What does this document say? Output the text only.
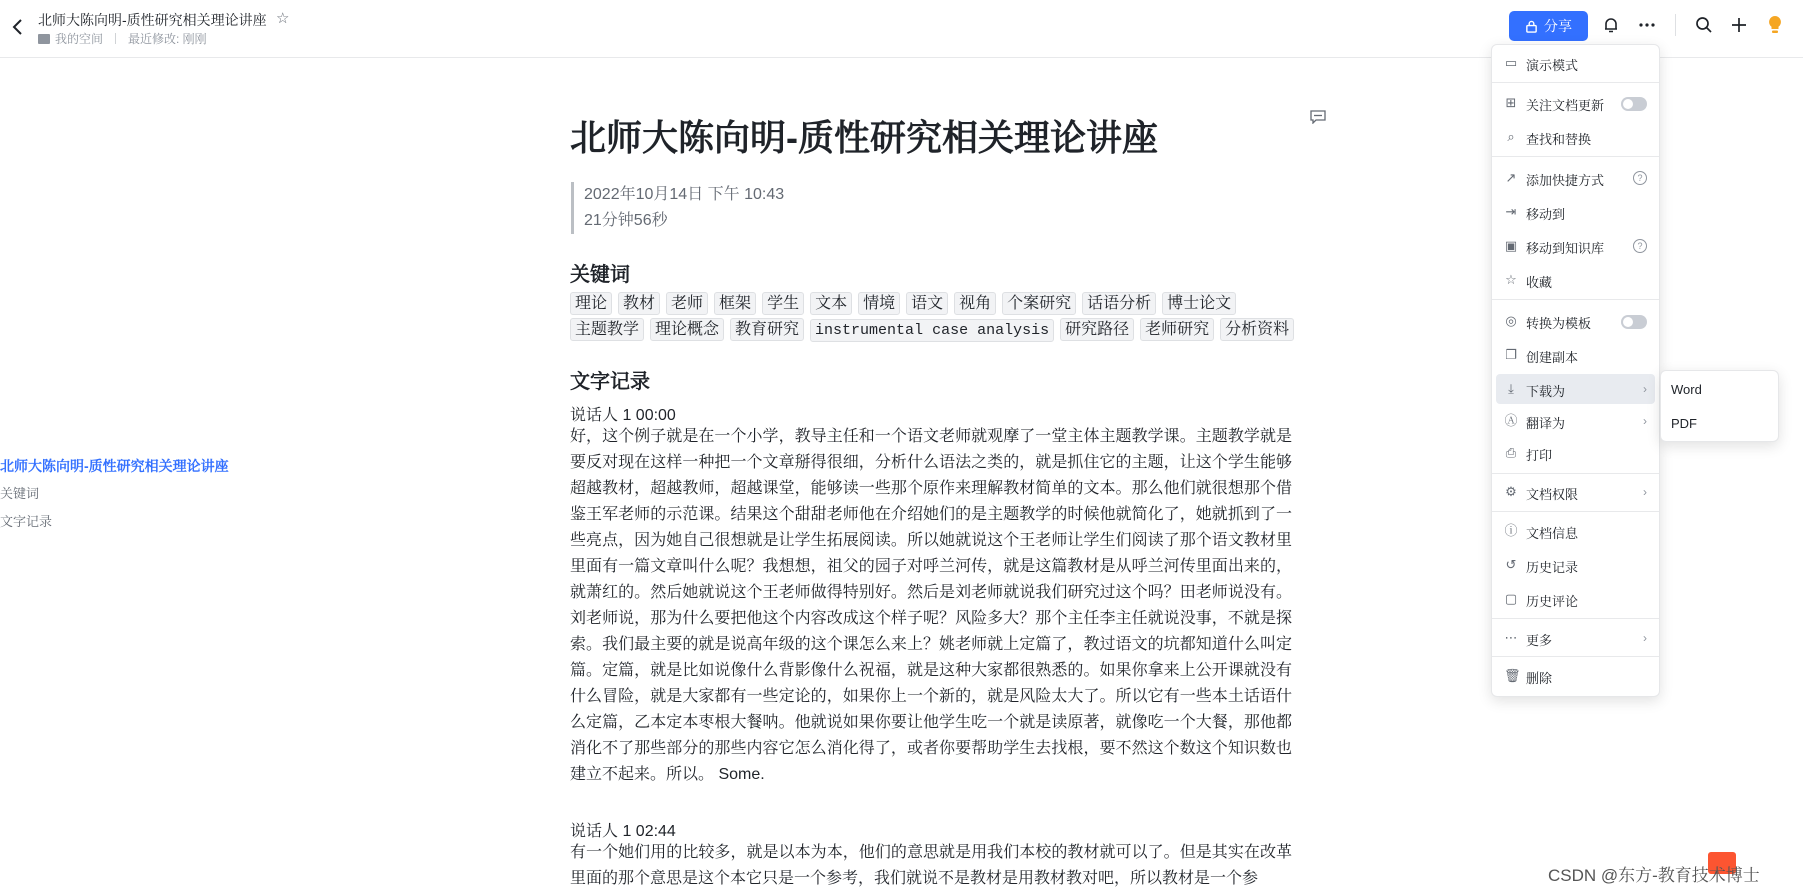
北师大陈向明-质性研究相关理论讲座 ☆
我的空间 最近修改: 刚刚
分享
北师大陈向明-质性研究相关理论讲座
2022年10月14日 下午 10:43
21分钟56秒
关键词
理论 教材 老师 框架 学生 文本 情境 语文 视角 个案研究 话语分析 博士论文主题教学 理论概念 教育研究 instrumental case analysis 研究路径 老师研究 分析资料
文字记录
说话人 1 00:00
好，这个例子就是在一个小学，教导主任和一个语文老师就观摩了一堂主体主题教学课。主题教学就是要反对现在这样一种把一个文章掰得很细，分析什么语法之类的，就是抓住它的主题，让这个学生能够超越教材，超越教师，超越课堂，能够读一些那个原作来理解教材简单的文本。那么他们就很想那个借鉴王军老师的示范课。结果这个甜甜老师他在介绍她们的是主题教学的时候他就简化了，她就抓到了一些亮点，因为她自己很想就是让学生拓展阅读。所以她就说这个王老师让学生们阅读了那个语文教材里里面有一篇文章叫什么呢？我想想，祖父的园子对呼兰河传，就是这篇教材是从呼兰河传里面出来的，就萧红的。然后她就说这个王老师做得特别好。然后是刘老师就说我们研究过这个吗？田老师说没有。刘老师说，那为什么要把他这个内容改成这个样子呢？风险多大？那个主任李主任就说没事，不就是探索。我们最主要的就是说高年级的这个课怎么来上？姚老师就上定篇了，教过语文的坑都知道什么叫定篇。定篇，就是比如说像什么背影像什么祝福，就是这种大家都很熟悉的。如果你拿来上公开课就没有什么冒险，就是大家都有一些定论的，如果你上一个新的，就是风险太大了。所以它有一些本土话语什么定篇，乙本定本枣根大餐呐。他就说如果你要让他学生吃一个就是读原著，就像吃一个大餐，那他都消化不了那些部分的那些内容它怎么消化得了，或者你要帮助学生去找根，要不然这个数这个知识数也建立不起来。所以。 Some.
说话人 1 02:44
有一个她们用的比较多，就是以本为本，他们的意思就是用我们本校的教材就可以了。但是其实在改革里面的那个意思是这个本它只是一个参考，我们就说不是教材是用教材教对吧，所以教材是一个参
北师大陈向明-质性研究相关理论讲座
关键词
文字记录
▭ 演示模式
⊞ 关注文档更新
⌕ 查找和替换
↗ 添加快捷方式	?
⇥ 移动到
▣ 移动到知识库	?
☆ 收藏
◎ 转换为模板
❐ 创建副本
⤓ 下载为	›
Ⓐ 翻译为	›
⎙ 打印
⚙ 文档权限	›
ⓘ 文档信息
↺ 历史记录
▢ 历史评论
⋯ 更多	›
🗑 删除
Word
PDF
CSDN @东方-教育技术博士
